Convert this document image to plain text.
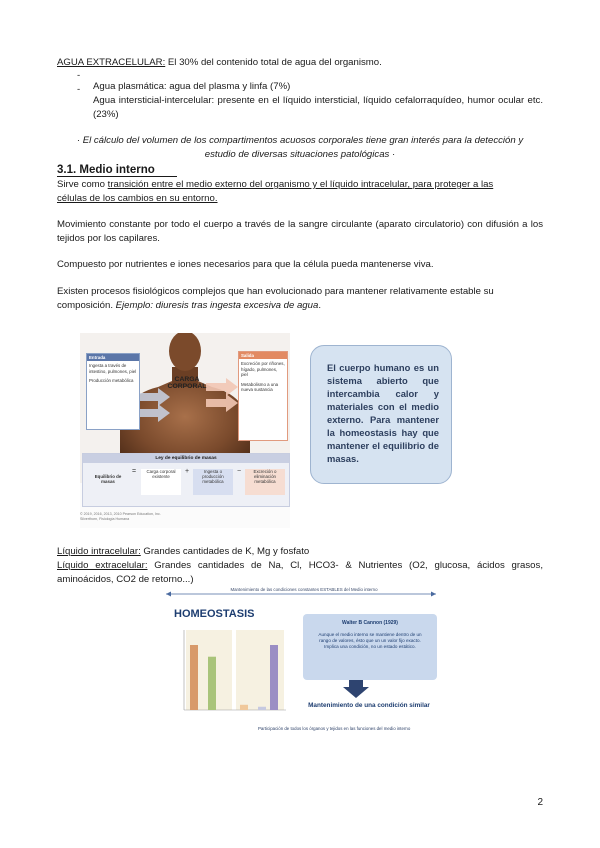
AGUA EXTRACELULAR: El 30% del contenido total de agua del organismo.

-

Agua plasmática: agua del plasma y linfa (7%)

-

Agua intersticial-intercelular: presente en el líquido intersticial, líquido cefalorraquídeo, humor ocular etc. (23%)

· El cálculo del volumen de los compartimentos acuosos corporales tiene gran interés para la detección y

estudio de diversas situaciones patológicas ·

3.1. Medio interno

Sirve como transición entre el medio externo del organismo y el líquido intracelular, para proteger a las

células de los cambios en su entorno.

Movimiento constante por todo el cuerpo a través de la sangre circulante (aparato circulatorio) con difusión a los tejidos por los capilares.

Compuesto por nutrientes e iones necesarios para que la célula pueda mantenerse viva.

Existen procesos fisiológicos complejos que han evolucionado para mantener relativamente estable su composición. Ejemplo: diuresis tras ingesta excesiva de agua.

Entrada
Ingesta a través de intestino, pulmones, piel
Producción metabólica	CARGA CORPORAL
Salida
Excreción por riñones, hígado, pulmones, piel
Metabolismo a una nueva sustancia
Ley de equilibrio de masas
Equilibrio de masas
=	Carga corporal existente
+	Ingesta o producción metabólica
−	Excreción o eliminación metabólica
© 2019, 2016, 2013, 2010 Pearson Education, Inc.
Silverthorn, Fisiología Humana
El cuerpo humano es un sistema abierto que intercambia calor y materiales con el medio externo. Para mantener la homeostasis hay que mantener el equilibrio de masas.

Líquido intracelular: Grandes cantidades de K, Mg y fosfato

Líquido extracelular: Grandes cantidades de Na, Cl, HCO3- & Nutrientes (O2, glucosa, ácidos grasos, aminoácidos, CO2 de retorno...)

Mantenimiento de las condiciones constantes ESTABLES del Medio interno
HOMEOSTASIS
Walter B Cannon (1929)
Aunque el medio interno se mantiene dentro de un rango de valores, ésto que un un valor fijo exacto. Implica una condición, no un estado estático.
Mantenimiento de una condición similar
Participación de todos los órganos y tejidos en las funciones del medio interno
2
